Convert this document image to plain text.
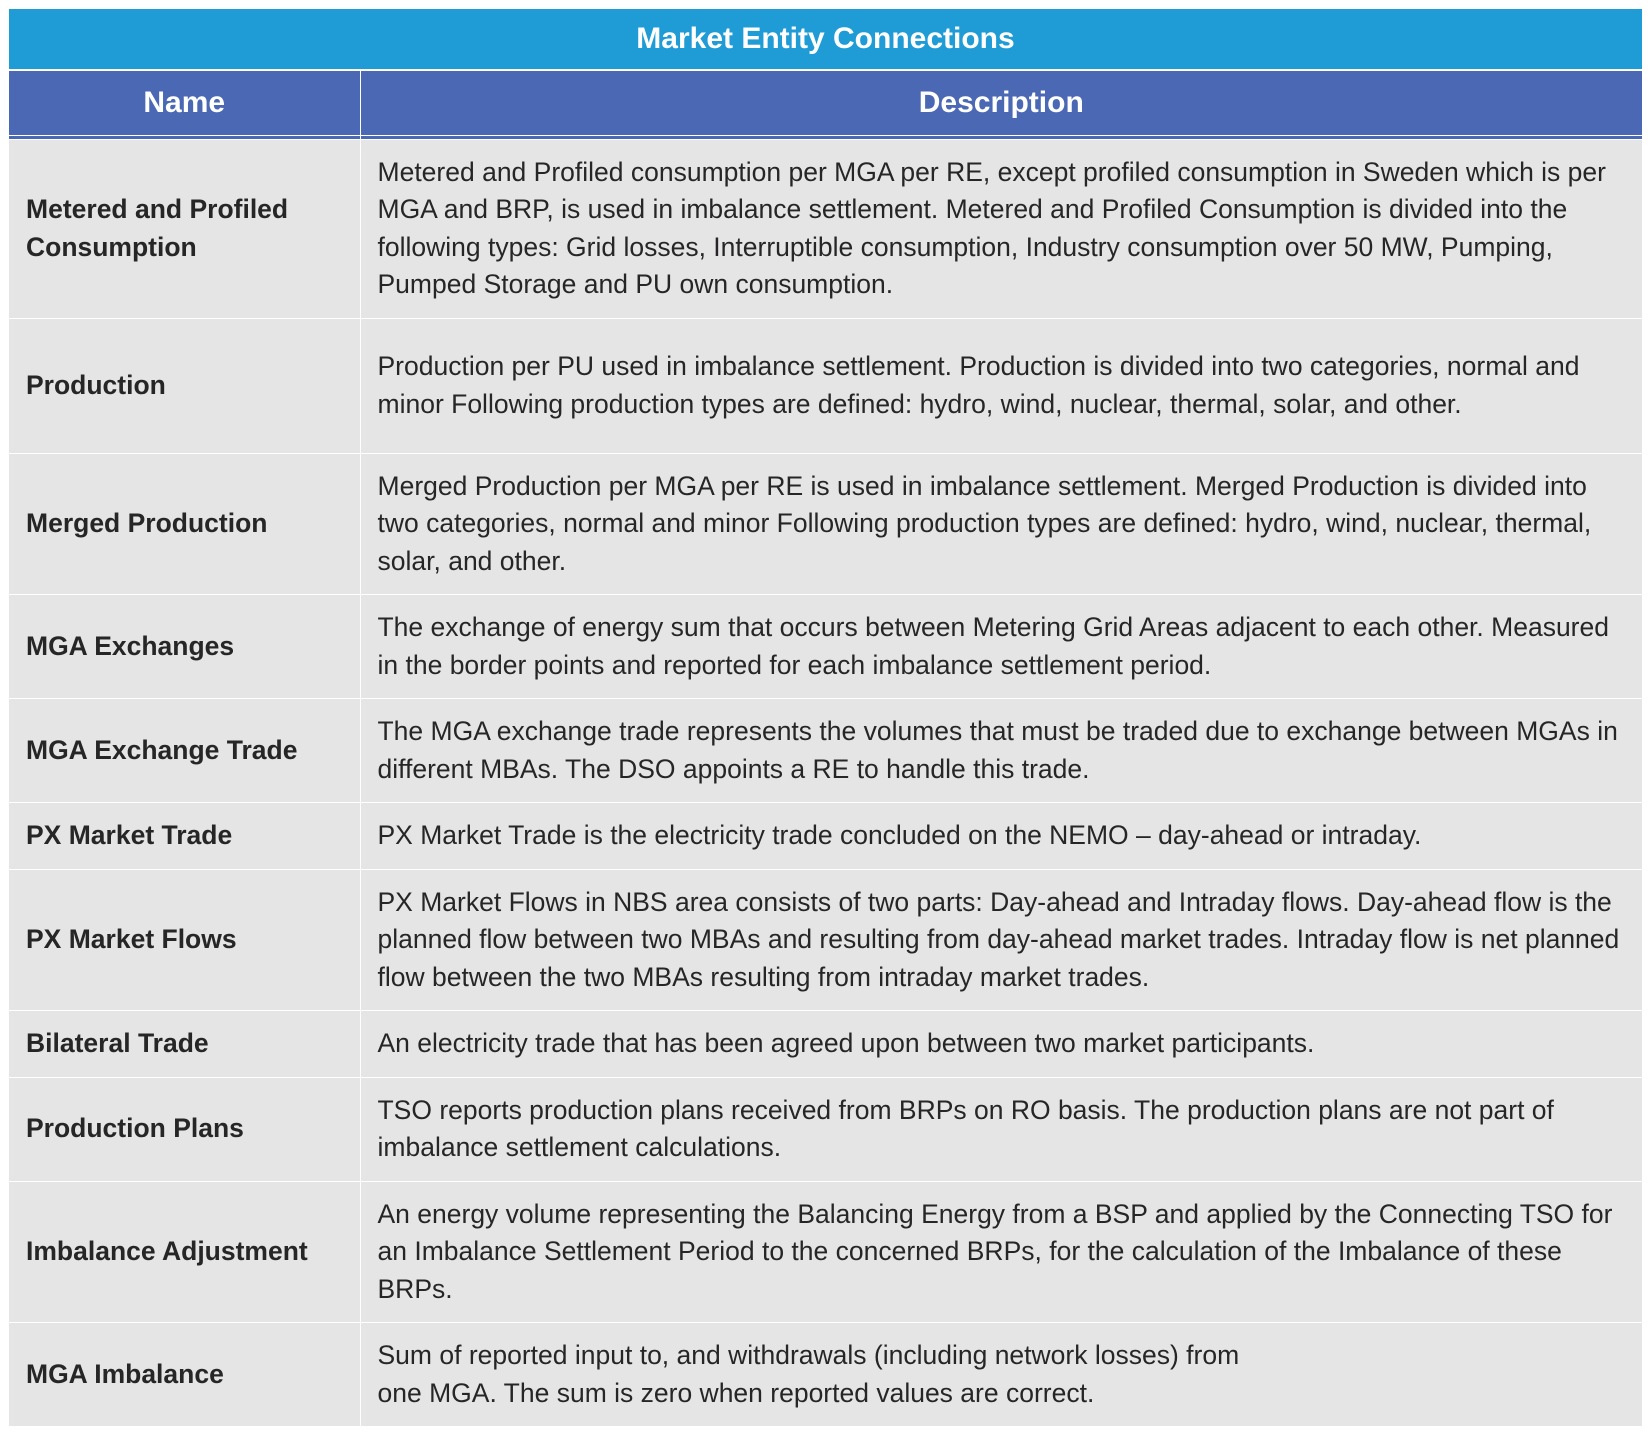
Market Entity Connections
Name	Description

Metered and Profiled Consumption	Metered and Profiled consumption per MGA per RE, except profiled consumption in Sweden which is per MGA and BRP, is used in imbalance settlement. Metered and Profiled Consumption is divided into the following types: Grid losses, Interruptible consumption, Industry consumption over 50 MW, Pumping, Pumped Storage and PU own consumption.
Production	Production per PU used in imbalance settlement. Production is divided into two categories, normal and minor Following production types are defined: hydro, wind, nuclear, thermal, solar, and other.
Merged Production	Merged Production per MGA per RE is used in imbalance settlement. Merged Production is divided into two categories, normal and minor Following production types are defined: hydro, wind, nuclear, thermal, solar, and other.
MGA Exchanges	The exchange of energy sum that occurs between Metering Grid Areas adjacent to each other. Measured in the border points and reported for each imbalance settlement period.
MGA Exchange Trade	The MGA exchange trade represents the volumes that must be traded due to exchange between MGAs in different MBAs. The DSO appoints a RE to handle this trade.
PX Market Trade	PX Market Trade is the electricity trade concluded on the NEMO – day-ahead or intraday.
PX Market Flows	PX Market Flows in NBS area consists of two parts: Day-ahead and Intraday flows. Day-ahead flow is the planned flow between two MBAs and resulting from day-ahead market trades. Intraday flow is net planned flow between the two MBAs resulting from intraday market trades.
Bilateral Trade	An electricity trade that has been agreed upon between two market participants.
Production Plans	TSO reports production plans received from BRPs on RO basis. The production plans are not part of imbalance settlement calculations.
Imbalance Adjustment	An energy volume representing the Balancing Energy from a BSP and applied by the Connecting TSO for an Imbalance Settlement Period to the concerned BRPs, for the calculation of the Imbalance of these BRPs.
MGA Imbalance	Sum of reported input to, and withdrawals (including network losses) from
one MGA. The sum is zero when reported values are correct.
